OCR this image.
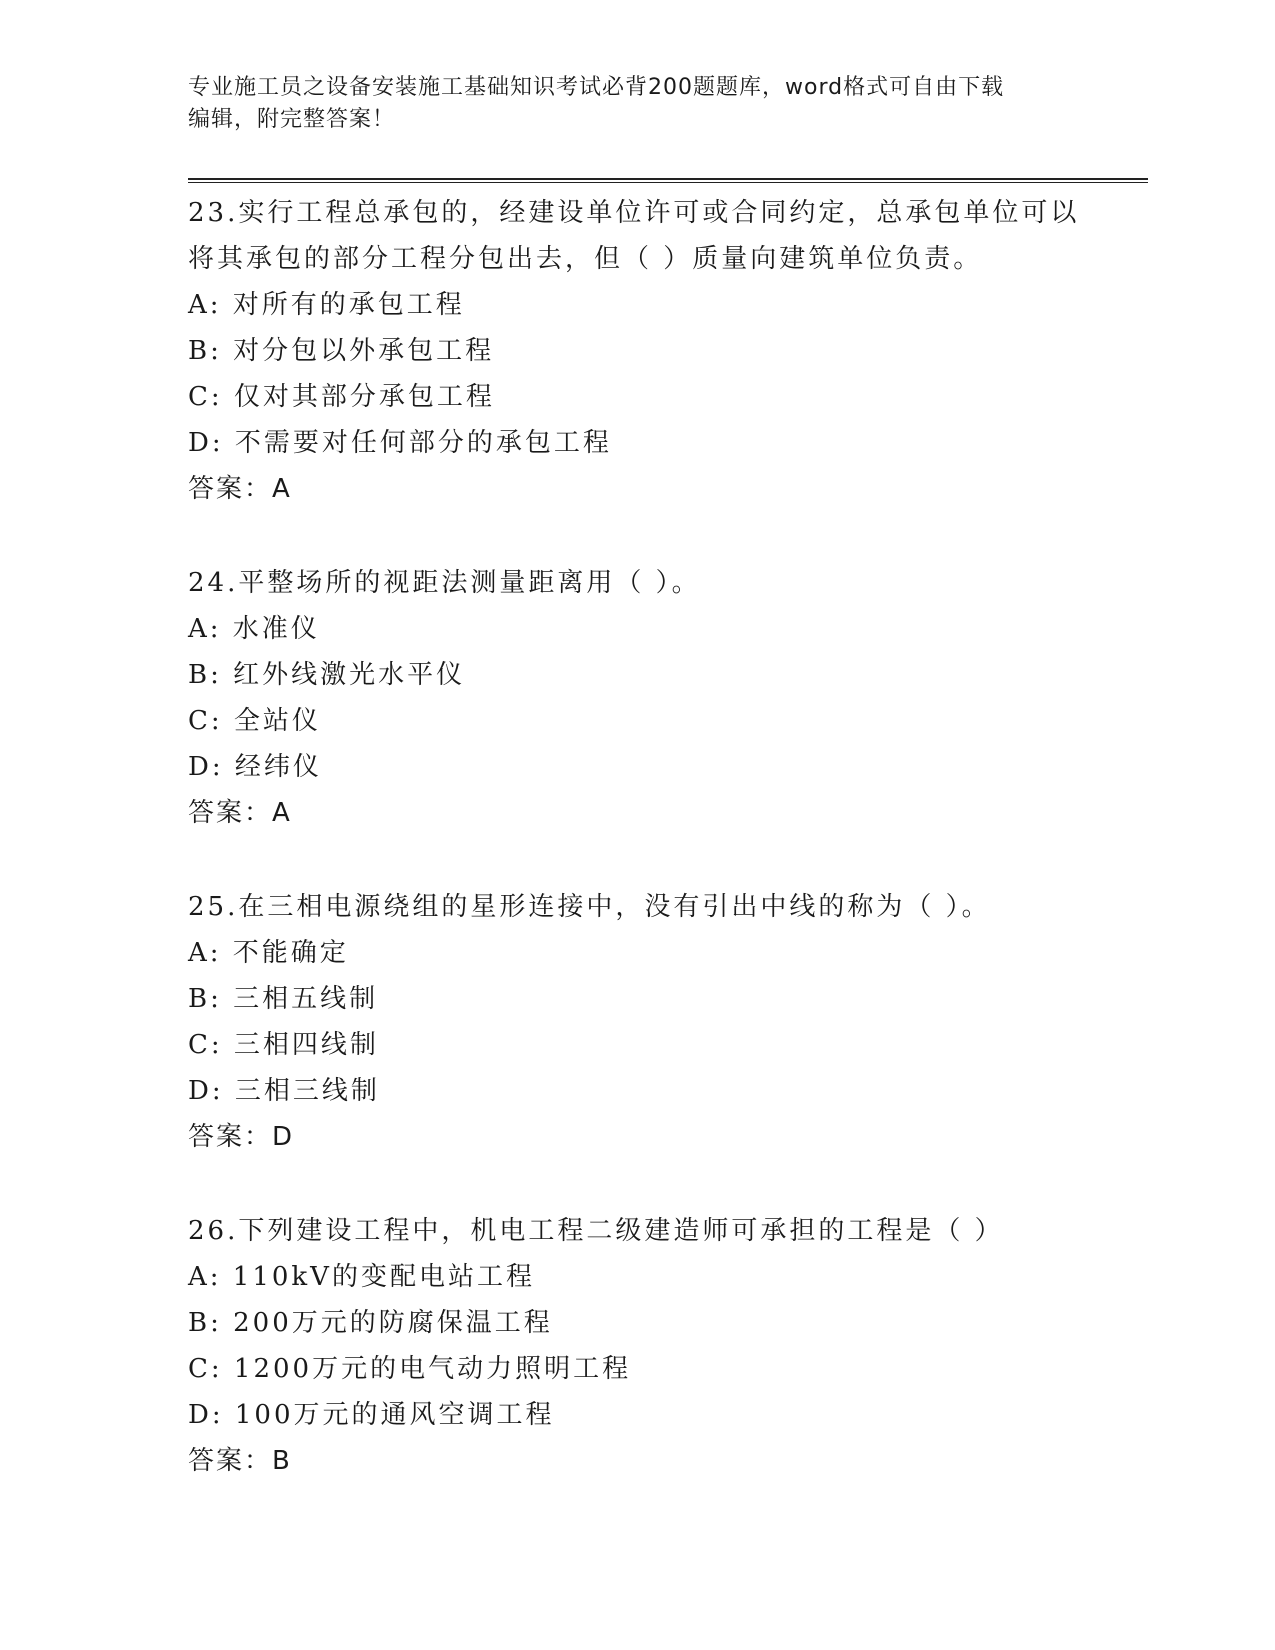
专业施工员之设备安装施工基础知识考试必背200题题库，word格式可自由下载
编辑，附完整答案！
23.实行工程总承包的，经建设单位许可或合同约定，总承包单位可以
将其承包的部分工程分包出去，但（ ）质量向建筑单位负责。
A: 对所有的承包工程
B: 对分包以外承包工程
C: 仅对其部分承包工程
D: 不需要对任何部分的承包工程
答案：A
24.平整场所的视距法测量距离用（ ）。
A: 水准仪
B: 红外线激光水平仪
C: 全站仪
D: 经纬仪
答案：A
25.在三相电源绕组的星形连接中，没有引出中线的称为（ ）。
A: 不能确定
B: 三相五线制
C: 三相四线制
D: 三相三线制
答案：D
26.下列建设工程中，机电工程二级建造师可承担的工程是（ ）
A: 110kV的变配电站工程
B: 200万元的防腐保温工程
C: 1200万元的电气动力照明工程
D: 100万元的通风空调工程
答案：B
